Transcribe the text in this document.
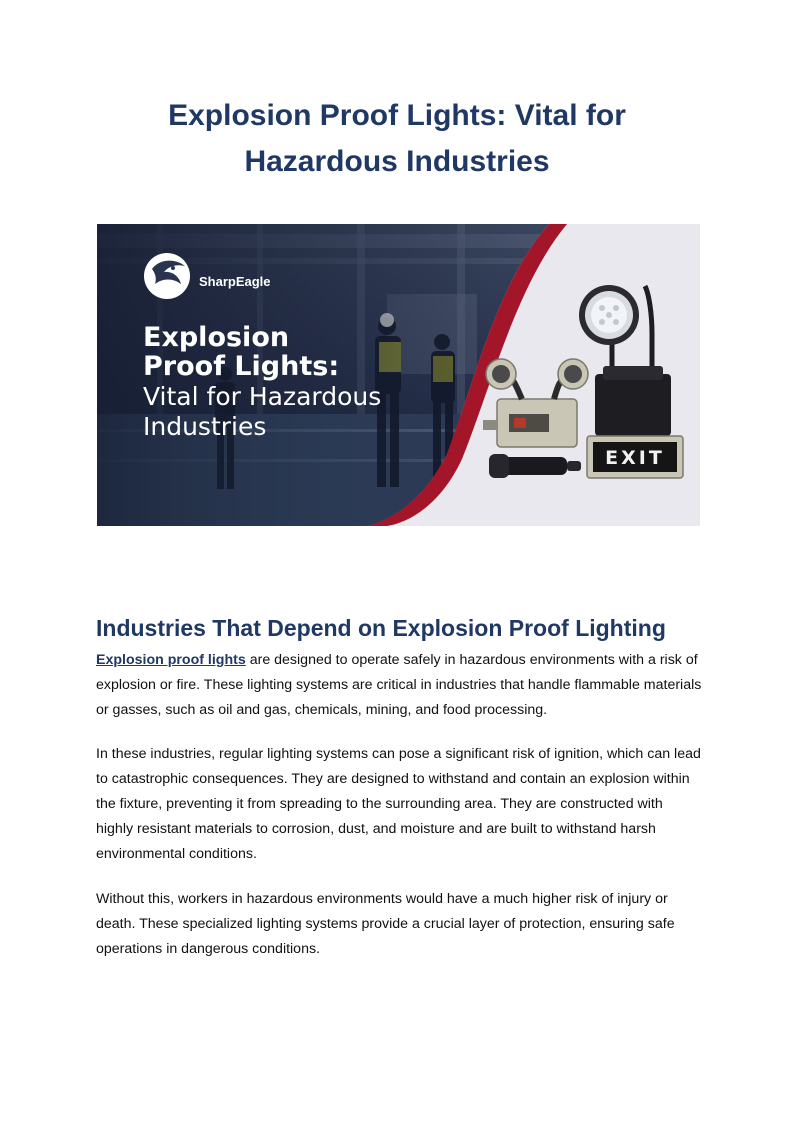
Explosion Proof Lights: Vital for Hazardous Industries
SharpEagle
Explosion
Proof Lights:
Vital for Hazardous
Industries
EXIT
Industries That Depend on Explosion Proof Lighting

Explosion proof lights are designed to operate safely in hazardous environments with a risk of explosion or fire. These lighting systems are critical in industries that handle flammable materials or gasses, such as oil and gas, chemicals, mining, and food processing.

In these industries, regular lighting systems can pose a significant risk of ignition, which can lead to catastrophic consequences. They are designed to withstand and contain an explosion within the fixture, preventing it from spreading to the surrounding area. They are constructed with highly resistant materials to corrosion, dust, and moisture and are built to withstand harsh environmental conditions.

Without this, workers in hazardous environments would have a much higher risk of injury or death. These specialized lighting systems provide a crucial layer of protection, ensuring safe operations in dangerous conditions.
